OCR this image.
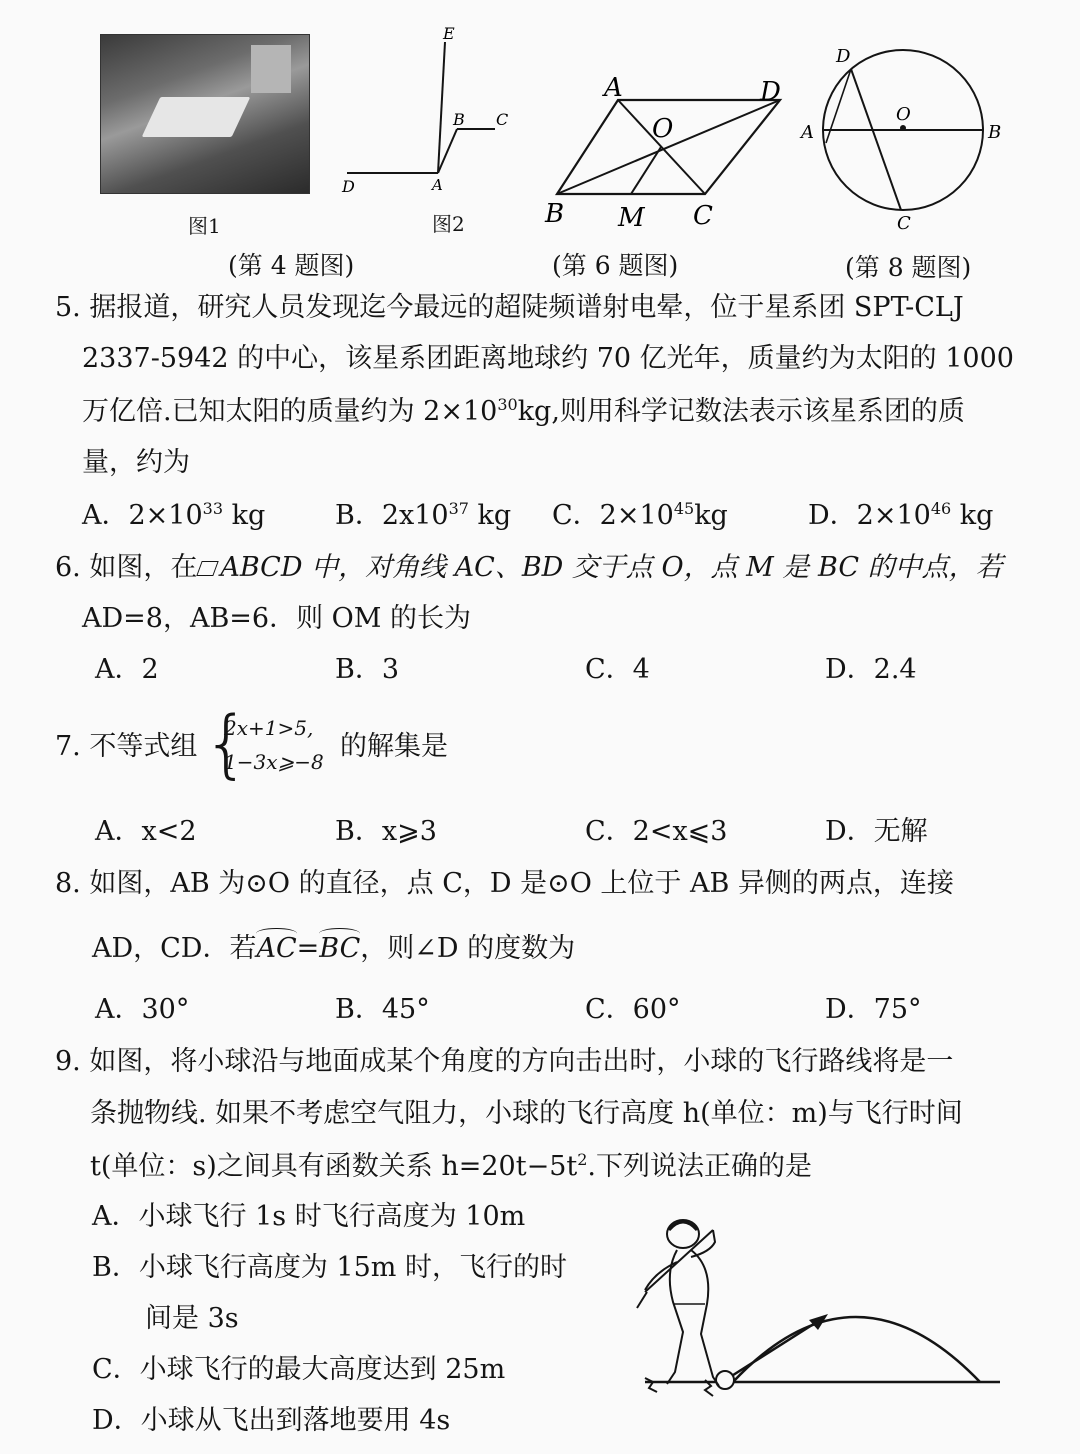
图1
E
B C
D	A
图2
A	D
O
B M C
D
O
A	B
C
(第 4 题图)	(第 6 题图)	(第 8 题图)
5. 据报道，研究人员发现迄今最远的超陡频谱射电晕，位于星系团 SPT-CLJ
2337-5942 的中心，该星系团距离地球约 70 亿光年，质量约为太阳的 1000
万亿倍.已知太阳的质量约为 $2\times 10^{30}kg$,则用科学记数法表示该星系团的质
量，约为
A．$2\times 10^{33}$ kg	B．$2x10^{37}$ kg C．$2\times 10^{45}kg$	D．$2\times 10^{46}$ kg
6. 如图，在 ABCD 中，对角线 AC、BD 交于点 O，点 M 是 BC 的中点，若
AD=8，AB=6．则 OM 的长为
A．2	B．3	C．4	D．2.4
7. 不等式组 {
2x+1>5,
1−3x⩾−8 的解集是
A．x<2	B．x⩾3	C．2<x⩽3	D．无解
8. 如图，AB 为⊙O 的直径，点 C，D 是⊙O 上位于 AB 异侧的两点，连接
AD，CD．若AC=BC，则∠D 的度数为
A．30°	B．45°	C．60°	D．75°
9. 如图，将小球沿与地面成某个角度的方向击出时，小球的飞行路线将是一
条抛物线. 如果不考虑空气阻力，小球的飞行高度 h(单位：m)与飞行时间
t(单位：s)之间具有函数关系 $h=20t-5t^2$.下列说法正确的是
A．小球飞行 1s 时飞行高度为 10m
B．小球飞行高度为 15m 时，飞行的时
间是 3s
C．小球飞行的最大高度达到 25m
D．小球从飞出到落地要用 4s
